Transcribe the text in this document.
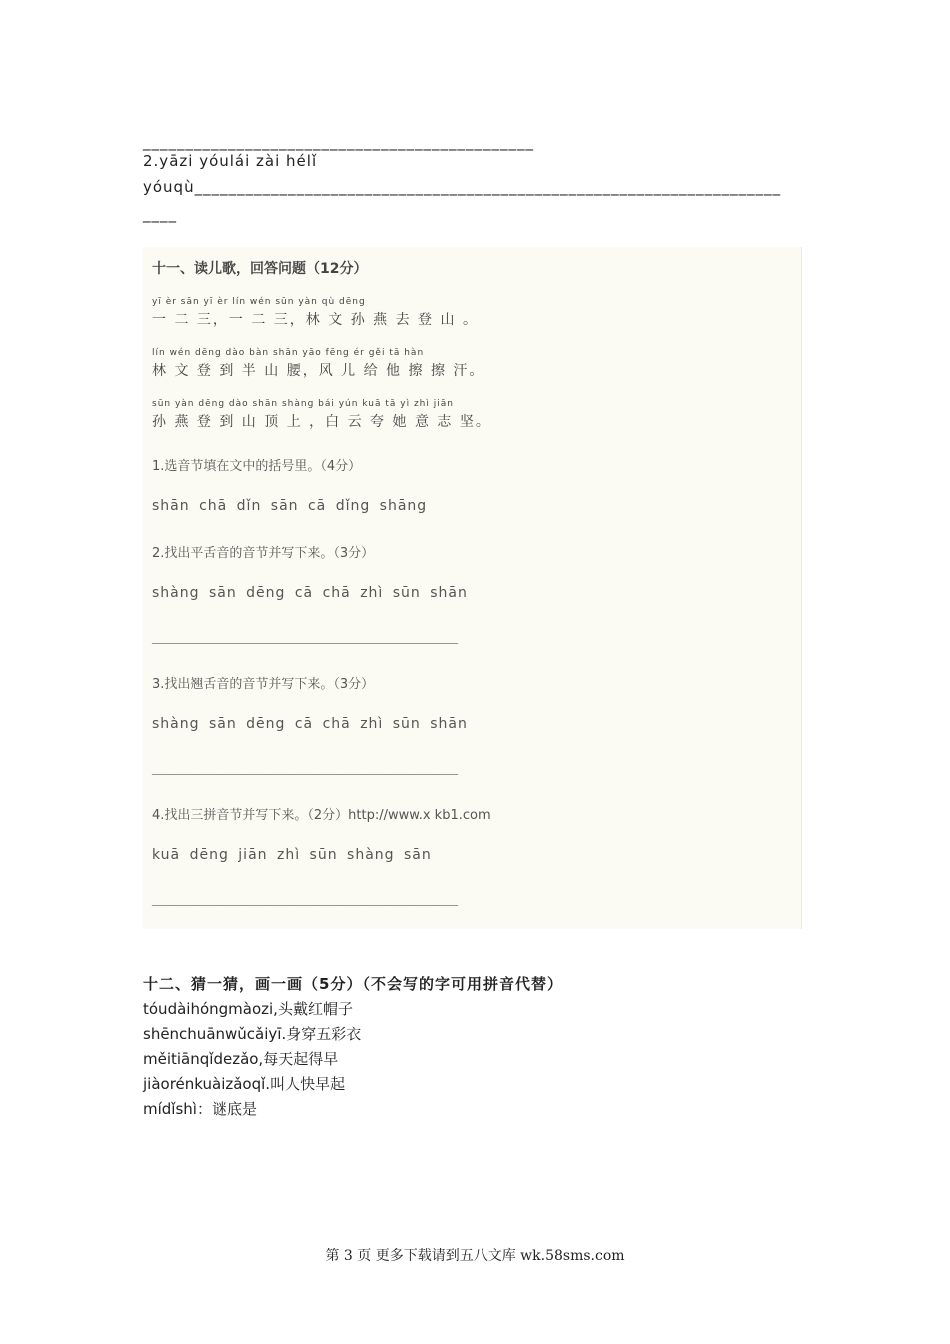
______________________________________________
2.yāzi yóulái zài hélǐ
yóuqù_____________________________________________________________________
____
十一、读儿歌，回答问题（12分）
yī èr sān yī èr lín wén sūn yàn qù dēng
一 二 三，一 二 三，林 文 孙 燕 去 登 山 。
lín wén dēng dào bàn shān yāo fēng ér gěi tā hàn
林 文 登 到 半 山 腰，风 儿 给 他 擦 擦 汗。
sūn yàn dēng dào shān shàng bái yún kuā tā yì zhì jiān
孙 燕 登 到 山 顶 上 ，白 云 夸 她 意 志 坚。
1.选音节填在文中的括号里。（4分）
shān chā dǐn sān cā dǐng shāng
2.找出平舌音的音节并写下来。（3分）
shàng sān dēng cā chā zhì sūn shān
___________________________________________________
3.找出翘舌音的音节并写下来。（3分）
shàng sān dēng cā chā zhì sūn shān
___________________________________________________
4.找出三拼音节并写下来。（2分）http://www.x kb1.com
kuā dēng jiān zhì sūn shàng sān
___________________________________________________
十二、猜一猜，画一画（5分）（不会写的字可用拼音代替）
tóudàihóngmàozi,头戴红帽子
shēnchuānwǔcǎiyī.身穿五彩衣
měitiānqǐdezǎo,每天起得早
jiàorénkuàizǎoqǐ.叫人快早起
mídǐshì：谜底是
第 3 页 更多下载请到五八文库 wk.58sms.com
